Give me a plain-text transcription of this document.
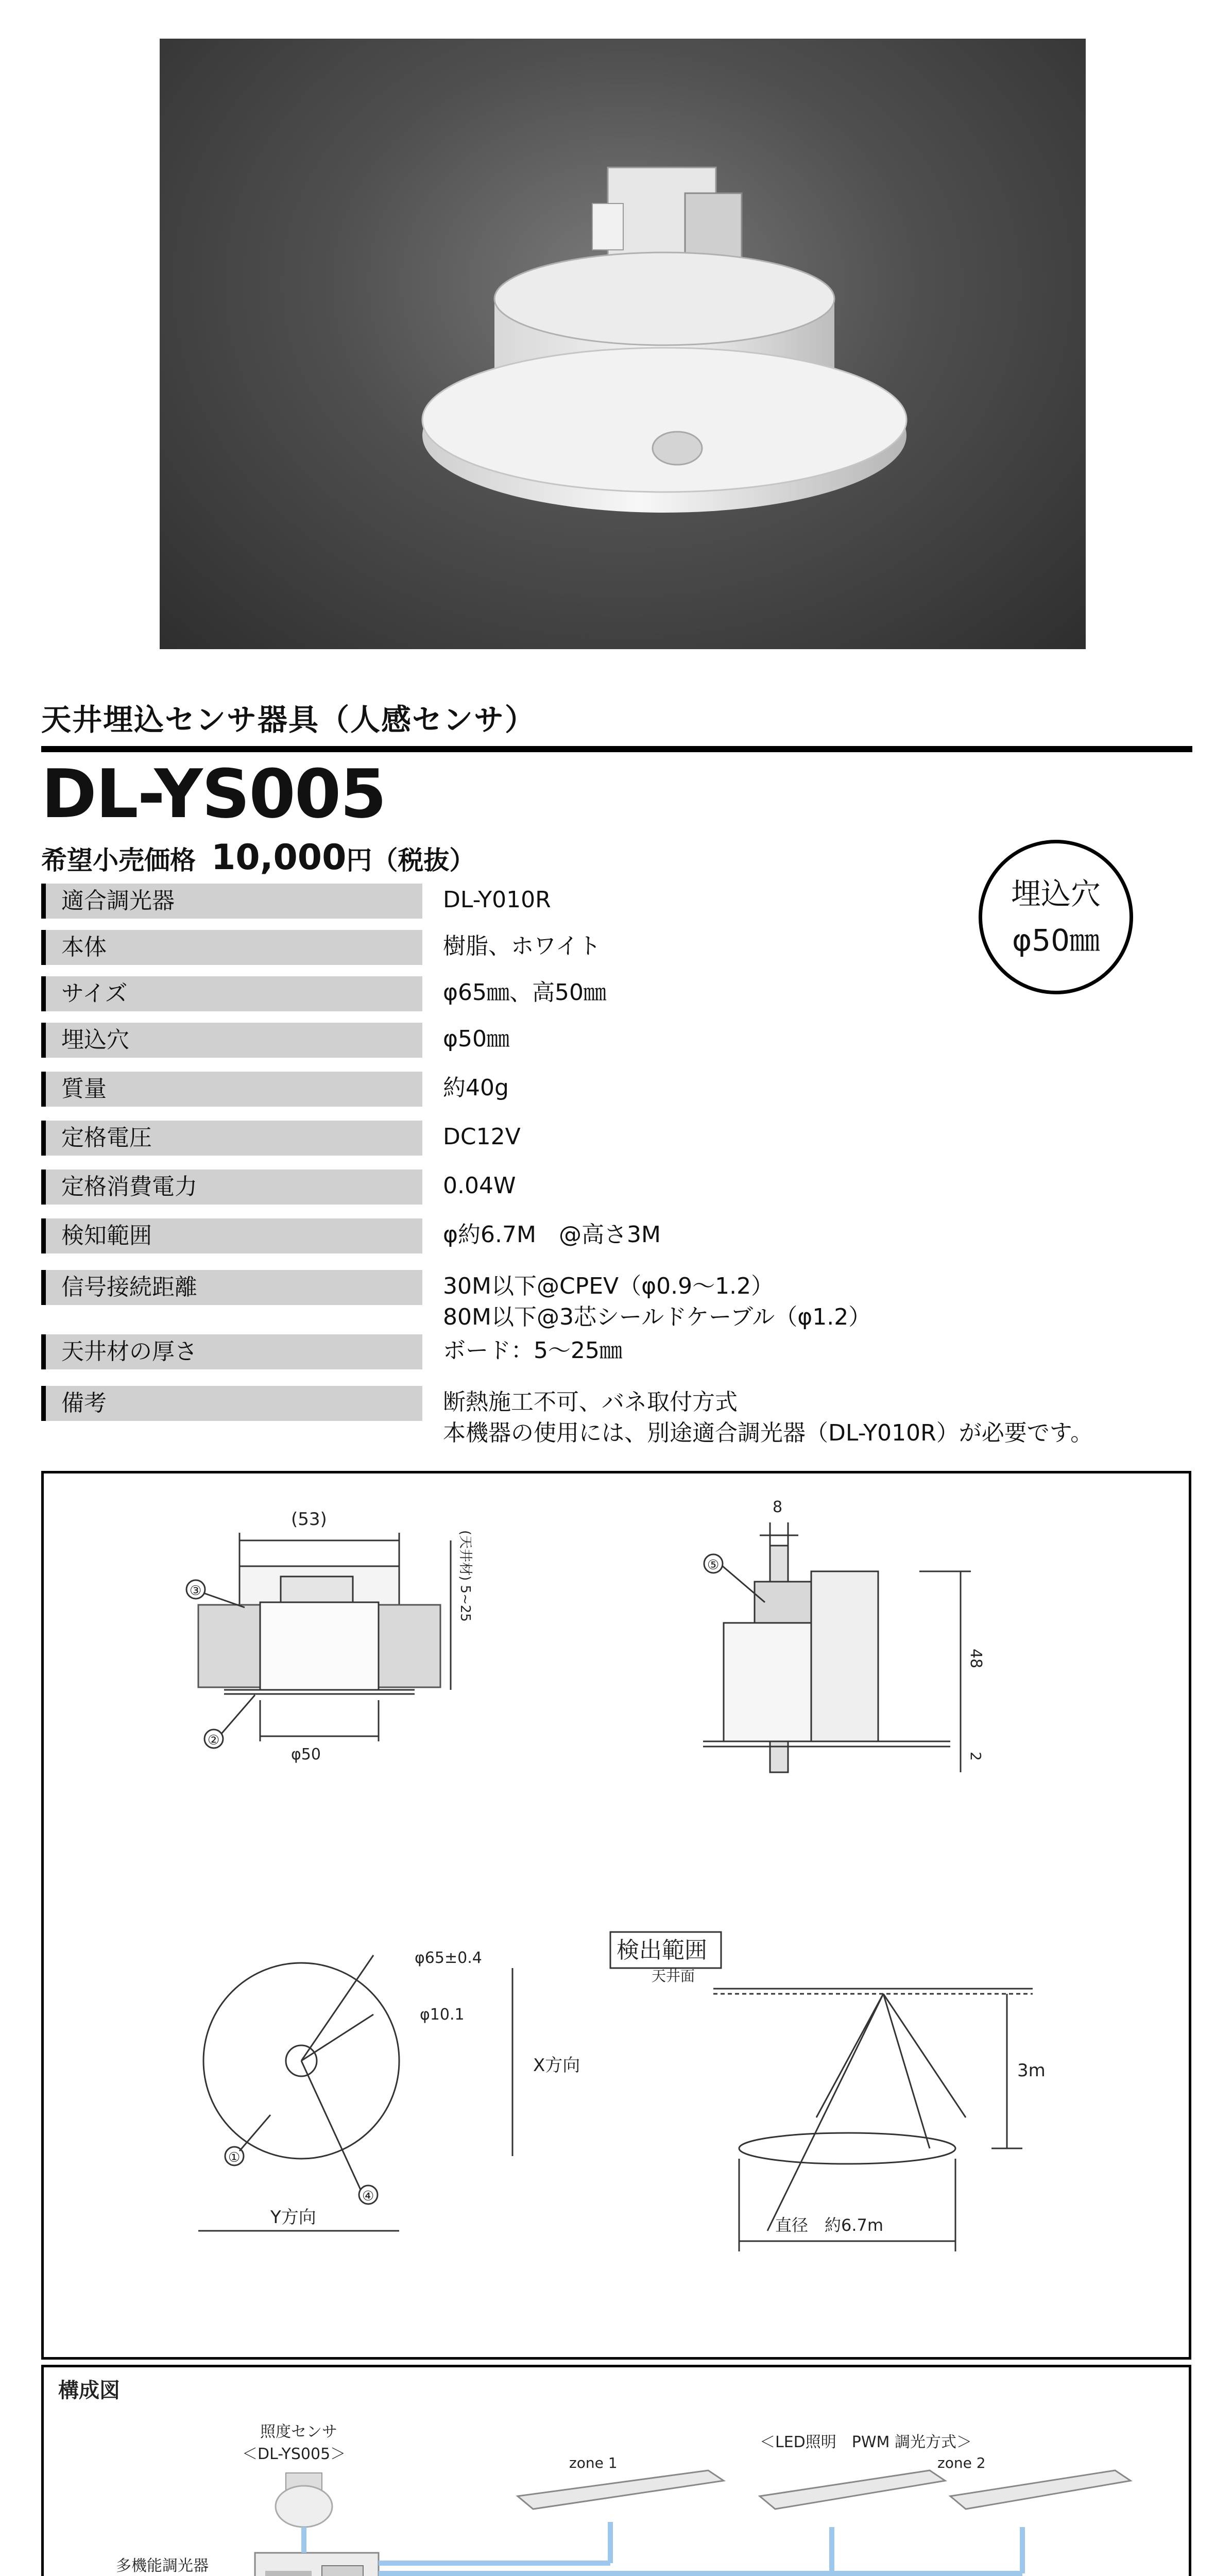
天井埋込センサ器具（人感センサ）
DL-YS005
希望小売価格 10,000円（税抜）
埋込穴
φ50㎜
適合調光器	DL-Y010R
本体	樹脂、ホワイト
サイズ	φ65㎜、高50㎜
埋込穴	φ50㎜
質量	約40g
定格電圧	DC12V
定格消費電力	0.04W
検知範囲	φ約6.7M　@高さ3M
信号接続距離	30M以下@CPEV（φ0.9〜1.2）
80M以下@3芯シールドケーブル（φ1.2）
天井材の厚さ	ボード：5〜25㎜
備考	断熱施工不可、バネ取付方式
本機器の使用には、別途適合調光器（DL-Y010R）が必要です。
(53)
φ50
(天井材) 5~25
③
②
8
48
2
⑤
φ65±0.4
φ10.1
X方向
Y方向
①
④
検出範囲
天井面
3m
直径　約6.7m
構成図
照度センサ
＜DL-YS005＞
多機能調光器
＜LED照明　PWM 調光方式＞
zone 1	zone 2
